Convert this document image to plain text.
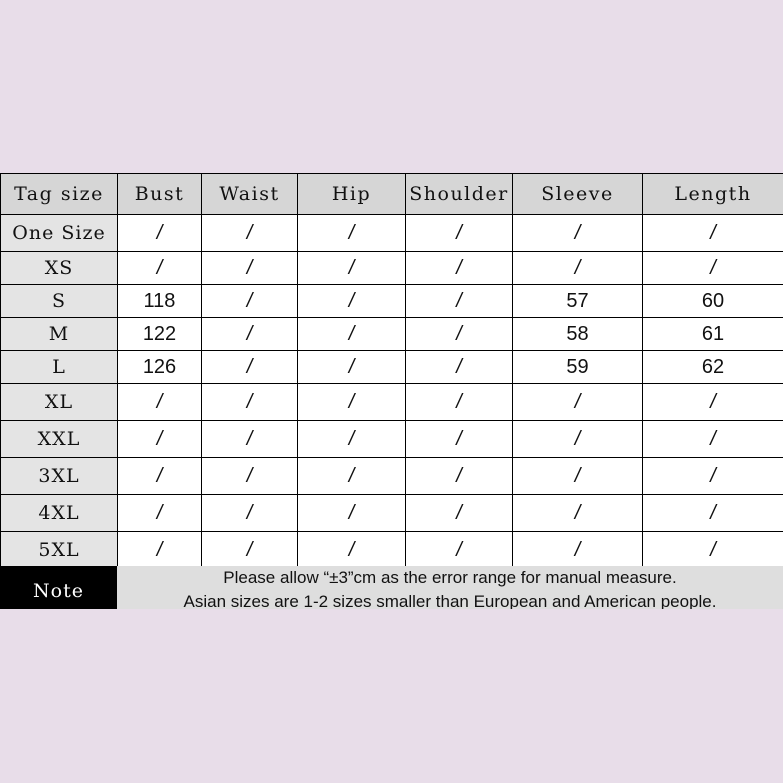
Tag size	Bust	Waist	Hip	Shoulder	Sleeve	Length
One Size	/	/	/	/	/	/
XS	/	/	/	/	/	/
S	118	/	/	/	57	60
M	122	/	/	/	58	61
L	126	/	/	/	59	62
XL	/	/	/	/	/	/
XXL	/	/	/	/	/	/
3XL	/	/	/	/	/	/
4XL	/	/	/	/	/	/
5XL	/	/	/	/	/	/
Note
Please allow “±3”cm as the error range for manual measure.
Asian sizes are 1-2 sizes smaller than European and American people.
